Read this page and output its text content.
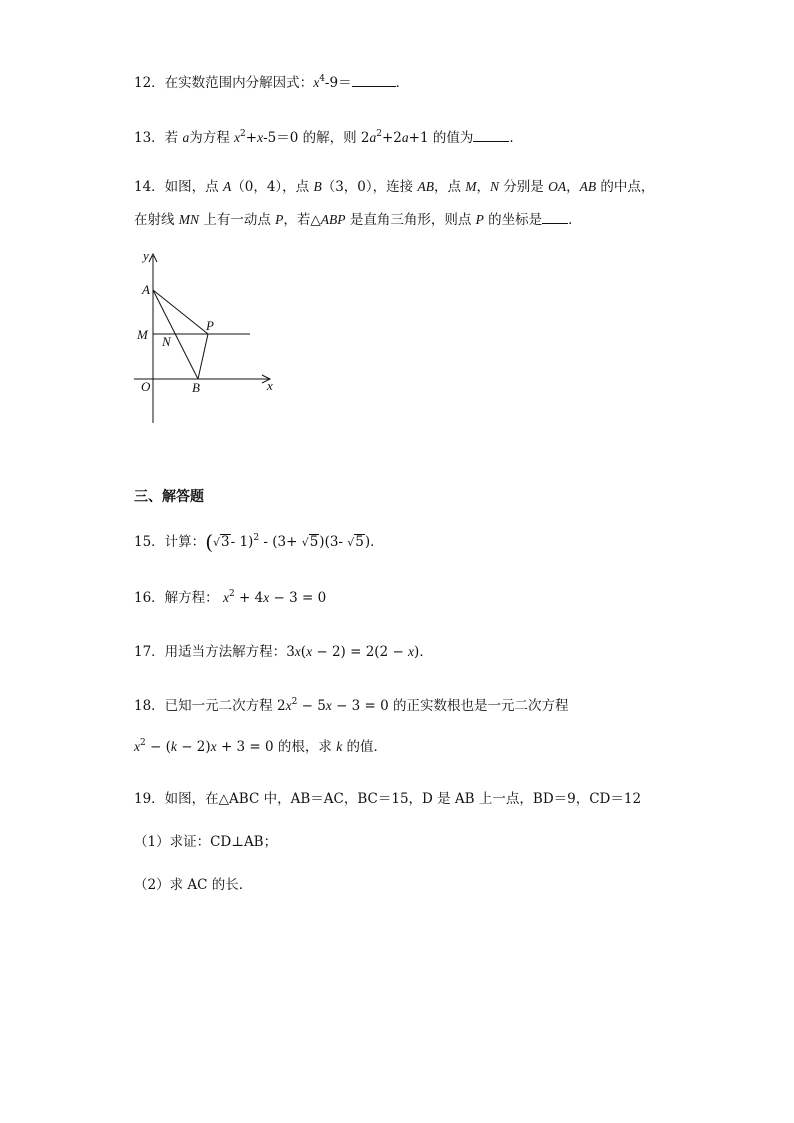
12．在实数范围内分解因式：$x^4-9=$	．
13．若 a为方程 $x^2+x-5=0$ 的解，则 $2a^2+2a+1$ 的值为	．
14．如图，点 A（0，4），点 B（3，0），连接 AB，点 M，N 分别是 OA，AB 的中点，
在射线 MN 上有一动点 P，若△ABP 是直角三角形，则点 P 的坐标是 ．
y
x
O
A
M N
P
B
三、解答题
15．计算：(√3- 1)$^2$ - (3+ √5)(3- √5)．
16．解方程： $x^2 + 4x - 3 = 0$
17．用适当方法解方程：3x(x − 2) = 2(2 − x)．
18．已知一元二次方程 $2x^2 - 5x - 3 = 0$ 的正实数根也是一元二次方程
$x^2 - (k - 2)x + 3 = 0$ 的根，求 k 的值．
19．如图，在△ABC 中，AB＝AC，BC＝15，D 是 AB 上一点，BD＝9，CD＝12
（1）求证：CD⊥AB；
（2）求 AC 的长．
